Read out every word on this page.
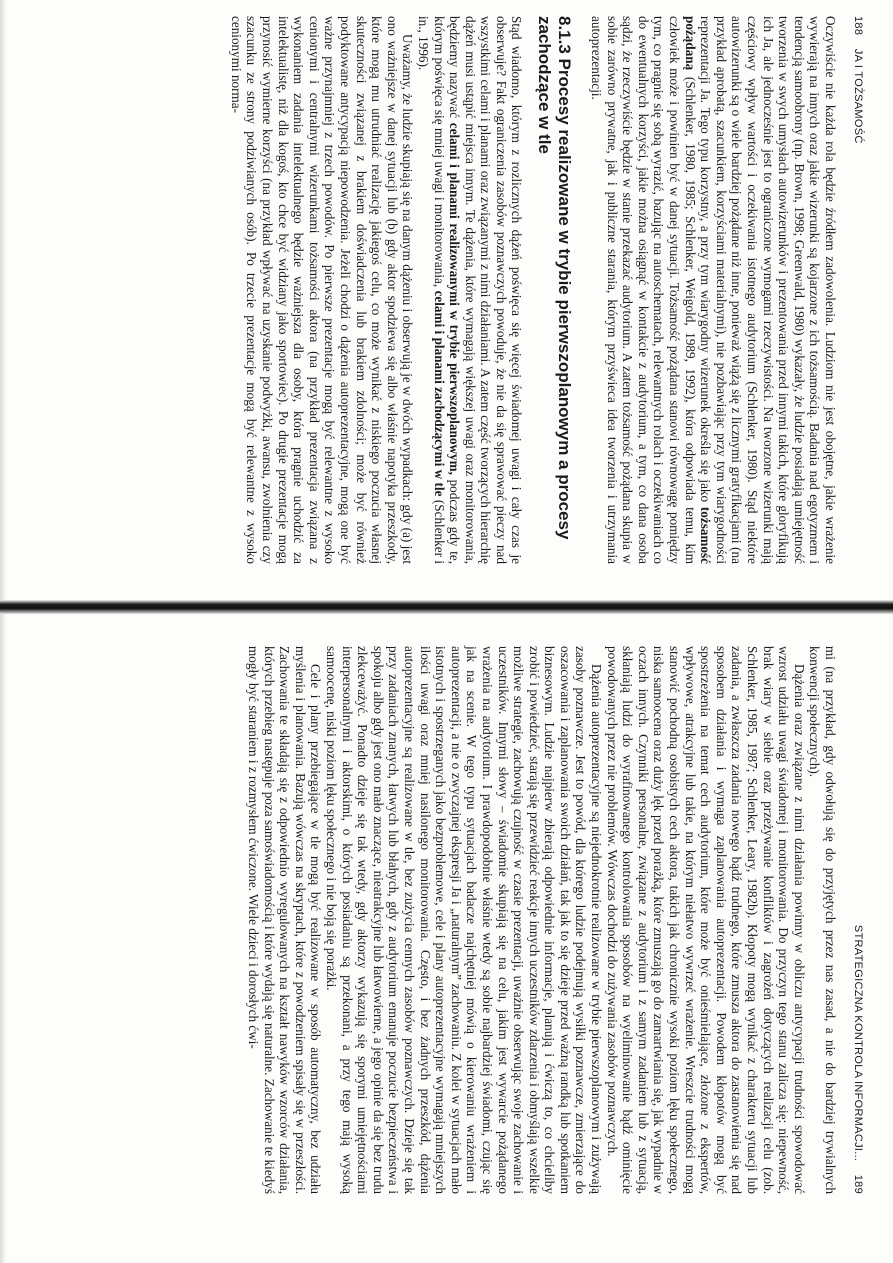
188    JA I TOŻSAMOŚĆ

Oczywiście nie każda rola będzie źródłem zadowolenia. Ludziom nie jest obojętne, jakie wrażenie wywierają na innych oraz jakie wizerunki są kojarzone z ich tożsamością. Badania nad egotyzmem i tendencją samoobrony (np. Brown, 1998; Greenwald, 1980) wykazały, że ludzie posiadają umiejętność tworzenia w swych umysłach autowizerunków i prezentowania przed innymi takich, które gloryfikują ich Ja, ale jednocześnie jest to ograniczone wymogami rzeczywistości. Na tworzone wizerunki mają częściowy wpływ wartości i oczekiwania istotnego audytorium (Schlenker, 1980). Stąd niektóre autowizerunki są o wiele bardziej pożądane niż inne, ponieważ wiążą się z licznymi gratyfikacjami (na przykład aprobatą, szacunkiem, korzyściami materialnymi), nie pozbawiając przy tym wiarygodności reprezentacji Ja. Tego typu korzystny, a przy tym wiarygodny wizerunek określa się jako tożsamość pożądaną (Schlenker, 1980, 1985; Schlenker, Weigold, 1989, 1992), która odpowiada temu, kim człowiek może i powinien być w danej sytuacji. Tożsamość pożądana stanowi równowagę pomiędzy tym, co pragnie się sobą wyrazić, bazując na autoschematach, relewantnych rolach i oczekiwaniach co do ewentualnych korzyści, jakie można osiągnąć w kontakcie z audytorium, a tym, co dana osoba sądzi, że rzeczywiście będzie w stanie przekazać audytorium. A zatem tożsamość pożądana skupia w sobie zarówno prywatne, jak i publiczne starania, którym przyświeca idea tworzenia i utrzymania autoprezentacji.

8.1.3 Procesy realizowane w trybie pierwszoplanowym a procesy zachodzące w tle

Stąd wiadomo, którym z rozlicznych dążeń poświęca się więcej świadomej uwagi i cały czas je obserwuje? Fakt ograniczenia zasobów poznawczych powoduje, że nie da się sprawować pieczy nad wszystkimi celami i planami oraz związanymi z nimi działaniami. A zatem część tworzących hierarchię dążeń musi ustąpić miejsca innym. Te dążenia, które wymagają większej uwagi oraz monitorowania, będziemy nazywać celami i planami realizowanymi w trybie pierwszoplanowym, podczas gdy te, którym poświęca się mniej uwagi i monitorowania, celami i planami zachodzącymi w tle (Schlenker i in., 1996).

Uważamy, że ludzie skupiają się na danym dążeniu i obserwują je w dwóch wypadkach: gdy (a) jest ono ważniejsze w danej sytuacji lub (b) gdy aktor spodziewa się albo właśnie napotyka przeszkody, które mogą mu utrudniać realizację jakiegoś celu, co może wynikać z niskiego poczucia własnej skuteczności związanej z brakiem doświadczenia lub brakiem zdolności; może być również podyktowane antycypacją niepowodzenia. Jeżeli chodzi o dążenia autoprezentacyjne, mogą one być ważne przynajmniej z trzech powodów. Po pierwsze prezentacje mogą być relewantne z wysoko cenionymi i centralnymi wizerunkami tożsamości aktora (na przykład prezentacja związana z wykonaniem zadania intelektualnego będzie ważniejsza dla osoby, która pragnie uchodzić za intelektualistę, niż dla kogoś, kto chce być widziany jako sportowiec). Po drugie prezentacje mogą przynosić wymierne korzyści (na przykład wpływać na uzyskanie podwyżki, awansu, zwolnienia czy szacunku ze strony podziwianych osób). Po trzecie prezentacje mogą być relewantne z wysoko cenionymi norma-

STRATEGICZNA KONTROLA INFORMACJI...    189

mi (na przykład, gdy odwołują się do przyjętych przez nas zasad, a nie do bardziej trywialnych konwencji społecznych).

Dążenia oraz związane z nimi działania powinny w obliczu antycypacji trudności spowodować wzrost udziału uwagi świadomej i monitorowania. Do przyczyn tego stanu zalicza się: niepewność, brak wiary w siebie oraz przeżywanie konfliktów i zagrożeń dotyczących realizacji celu (zob. Schlenker, 1985, 1987; Schlenker, Leary, 1982b). Kłopoty mogą wynikać z charakteru sytuacji lub zadania, a zwłaszcza zadania nowego bądź trudnego, które zmusza aktora do zastanowienia się nad sposobem działania i wymaga zaplanowania autoprezentacji. Powodem kłopotów mogą być spostrzeżenia na temat cech audytorium, które może być onieśmielające, złożone z ekspertów, wpływowe, atrakcyjne lub takie, na którym niełatwo wywrzeć wrażenie. Wreszcie trudności mogą stanowić pochodną osobistych cech aktora, takich jak chronicznie wysoki poziom lęku społecznego, niska samoocena oraz duży lęk przed porażką, które zmuszają go do zamartwiania się, jak wypadnie w oczach innych. Czynniki personalne, związane z audytorium i z samym zadaniem lub z sytuacją, skłaniają ludzi do wyrafinowanego kontrolowania sposobów na wyeliminowanie bądź ominięcie powodowanych przez nie problemów. Wówczas dochodzi do zużywania zasobów poznawczych.

Dążenia autoprezentacyjne są niejednokrotnie realizowane w trybie pierwszoplanowym i zużywają zasoby poznawcze. Jest to powód, dla którego ludzie podejmują wysiłki poznawcze, zmierzające do oszacowania i zaplanowania swoich działań, tak jak to się dzieje przed ważną randką lub spotkaniem biznesowym. Ludzie najpierw zbierają odpowiednie informacje, planują i ćwiczą to, co chcieliby zrobić i powiedzieć, starają się przewidzieć reakcje innych uczestników zdarzenia i obmyślają wszelkie możliwe strategie, zachowują czujność w czasie prezentacji, uważnie obserwując swoje zachowanie i uczestników. Innymi słowy – świadomie skupiają się na celu, jakim jest wywarcie pożądanego wrażenia na audytorium. I prawdopodobnie właśnie wtedy są sobie najbardziej świadomi, czując się jak na scenie. W tego typu sytuacjach badacze najchętniej mówią o kierowaniu wrażeniem i autoprezentacji, a nie o zwyczajnej ekspresji Ja i „naturalnym” zachowaniu. Z kolei w sytuacjach mało istotnych i spostrzeganych jako bezproblemowe, cele i plany autoprezentacyjne wymagają mniejszych ilości uwagi oraz mniej nasilonego monitorowania. Często, i bez żadnych przeszkód, dążenia autoprezentacyjne są realizowane w tle, bez zużycia cennych zasobów poznawczych. Dzieje się tak przy zadaniach znanych, łatwych lub błahych, gdy z audytorium emanuje poczucie bezpieczeństwa i spokoju albo gdy jest ono mało znaczące, nieatrakcyjne lub łatwowierne, a jego opinie da się bez trudu zlekceważyć. Ponadto dzieje się tak wtedy, gdy aktorzy wykazują się sporymi umiejętnościami interpersonalnymi i aktorskimi, o których posiadaniu są przekonani, a przy tego mają wysoką samoocenę, niski poziom lęku społecznego i nie boją się porażki.

Cele i plany przebiegające w tle mogą być realizowane w sposób automatyczny, bez udziału myślenia i planowania. Bazują wówczas na skryptach, które z powodzeniem spisały się w przeszłości. Zachowania te składają się z odpowiednio wyregulowanych na kształt nawyków wzorców działania, których przebieg następuje poza samoświadomością i które wydają się naturalne. Zachowanie te kiedyś mogły być staraniem i z rozmysłem ćwiczone. Wiele dzieci i dorosłych ćwi-
